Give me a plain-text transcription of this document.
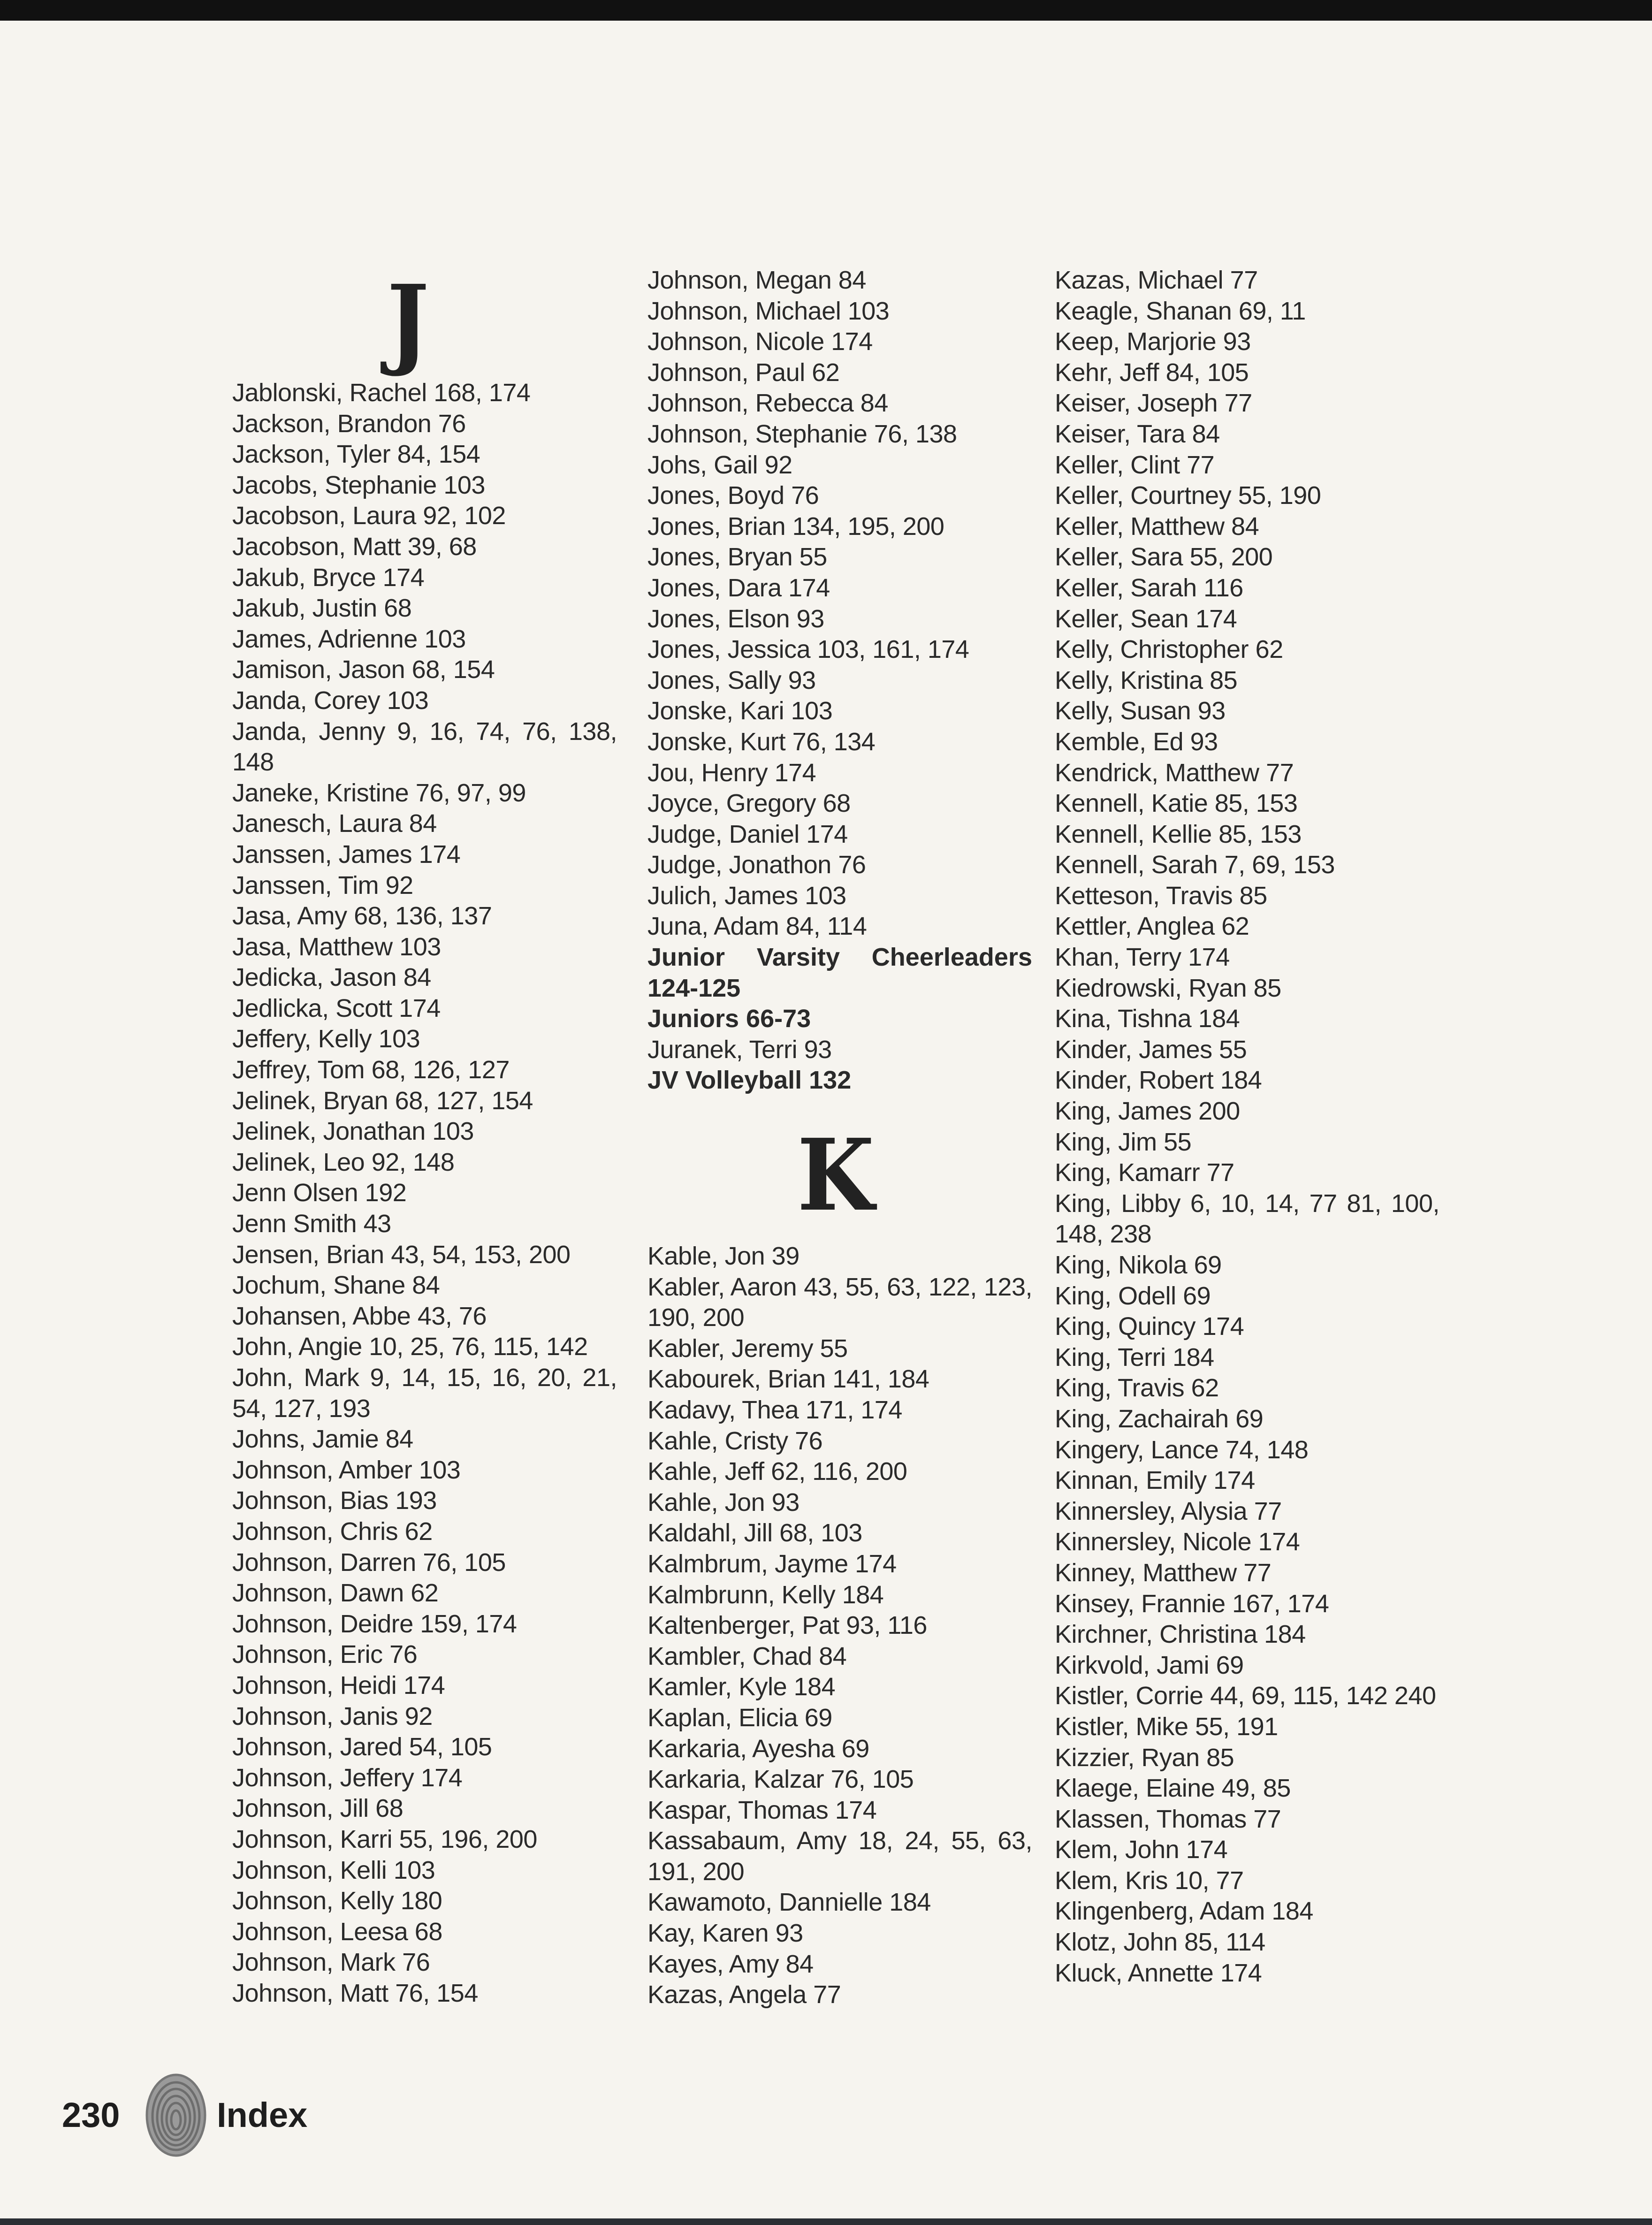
J
Jablonski, Rachel 168, 174
Jackson, Brandon 76
Jackson, Tyler 84, 154
Jacobs, Stephanie 103
Jacobson, Laura 92, 102
Jacobson, Matt 39, 68
Jakub, Bryce 174
Jakub, Justin 68
James, Adrienne 103
Jamison, Jason 68, 154
Janda, Corey 103
Janda, Jenny 9, 16, 74, 76, 138, 148
Janeke, Kristine 76, 97, 99
Janesch, Laura 84
Janssen, James 174
Janssen, Tim 92
Jasa, Amy 68, 136, 137
Jasa, Matthew 103
Jedicka, Jason 84
Jedlicka, Scott 174
Jeffery, Kelly 103
Jeffrey, Tom 68, 126, 127
Jelinek, Bryan 68, 127, 154
Jelinek, Jonathan 103
Jelinek, Leo 92, 148
Jenn Olsen 192
Jenn Smith 43
Jensen, Brian 43, 54, 153, 200
Jochum, Shane 84
Johansen, Abbe 43, 76
John, Angie 10, 25, 76, 115, 142
John, Mark 9, 14, 15, 16, 20, 21, 54, 127, 193
Johns, Jamie 84
Johnson, Amber 103
Johnson, Bias 193
Johnson, Chris 62
Johnson, Darren 76, 105
Johnson, Dawn 62
Johnson, Deidre 159, 174
Johnson, Eric 76
Johnson, Heidi 174
Johnson, Janis 92
Johnson, Jared 54, 105
Johnson, Jeffery 174
Johnson, Jill 68
Johnson, Karri 55, 196, 200
Johnson, Kelli 103
Johnson, Kelly 180
Johnson, Leesa 68
Johnson, Mark 76
Johnson, Matt 76, 154
Johnson, Megan 84
Johnson, Michael 103
Johnson, Nicole 174
Johnson, Paul 62
Johnson, Rebecca 84
Johnson, Stephanie 76, 138
Johs, Gail 92
Jones, Boyd 76
Jones, Brian 134, 195, 200
Jones, Bryan 55
Jones, Dara 174
Jones, Elson 93
Jones, Jessica 103, 161, 174
Jones, Sally 93
Jonske, Kari 103
Jonske, Kurt 76, 134
Jou, Henry 174
Joyce, Gregory 68
Judge, Daniel 174
Judge, Jonathon 76
Julich, James 103
Juna, Adam 84, 114
Junior Varsity Cheerleaders 124-125
Juniors 66-73
Juranek, Terri 93
JV Volleyball 132
Kable, Jon 39
Kabler, Aaron 43, 55, 63, 122, 123, 190, 200
Kabler, Jeremy 55
Kabourek, Brian 141, 184
Kadavy, Thea 171, 174
Kahle, Cristy 76
Kahle, Jeff 62, 116, 200
Kahle, Jon 93
Kaldahl, Jill 68, 103
Kalmbrum, Jayme 174
Kalmbrunn, Kelly 184
Kaltenberger, Pat 93, 116
Kambler, Chad 84
Kamler, Kyle 184
Kaplan, Elicia 69
Karkaria, Ayesha 69
Karkaria, Kalzar 76, 105
Kaspar, Thomas 174
Kassabaum, Amy 18, 24, 55, 63, 191, 200
Kawamoto, Dannielle 184
Kay, Karen 93
Kayes, Amy 84
Kazas, Angela 77
K
Kazas, Michael 77
Keagle, Shanan 69, 11
Keep, Marjorie 93
Kehr, Jeff 84, 105
Keiser, Joseph 77
Keiser, Tara 84
Keller, Clint 77
Keller, Courtney 55, 190
Keller, Matthew 84
Keller, Sara 55, 200
Keller, Sarah 116
Keller, Sean 174
Kelly, Christopher 62
Kelly, Kristina 85
Kelly, Susan 93
Kemble, Ed 93
Kendrick, Matthew 77
Kennell, Katie 85, 153
Kennell, Kellie 85, 153
Kennell, Sarah 7, 69, 153
Ketteson, Travis 85
Kettler, Anglea 62
Khan, Terry 174
Kiedrowski, Ryan 85
Kina, Tishna 184
Kinder, James 55
Kinder, Robert 184
King, James 200
King, Jim 55
King, Kamarr 77
King, Libby 6, 10, 14, 77 81, 100, 148, 238
King, Nikola 69
King, Odell 69
King, Quincy 174
King, Terri 184
King, Travis 62
King, Zachairah 69
Kingery, Lance 74, 148
Kinnan, Emily 174
Kinnersley, Alysia 77
Kinnersley, Nicole 174
Kinney, Matthew 77
Kinsey, Frannie 167, 174
Kirchner, Christina 184
Kirkvold, Jami 69
Kistler, Corrie 44, 69, 115, 142 240
Kistler, Mike 55, 191
Kizzier, Ryan 85
Klaege, Elaine 49, 85
Klassen, Thomas 77
Klem, John 174
Klem, Kris 10, 77
Klingenberg, Adam 184
Klotz, John 85, 114
Kluck, Annette 174
230	Index
